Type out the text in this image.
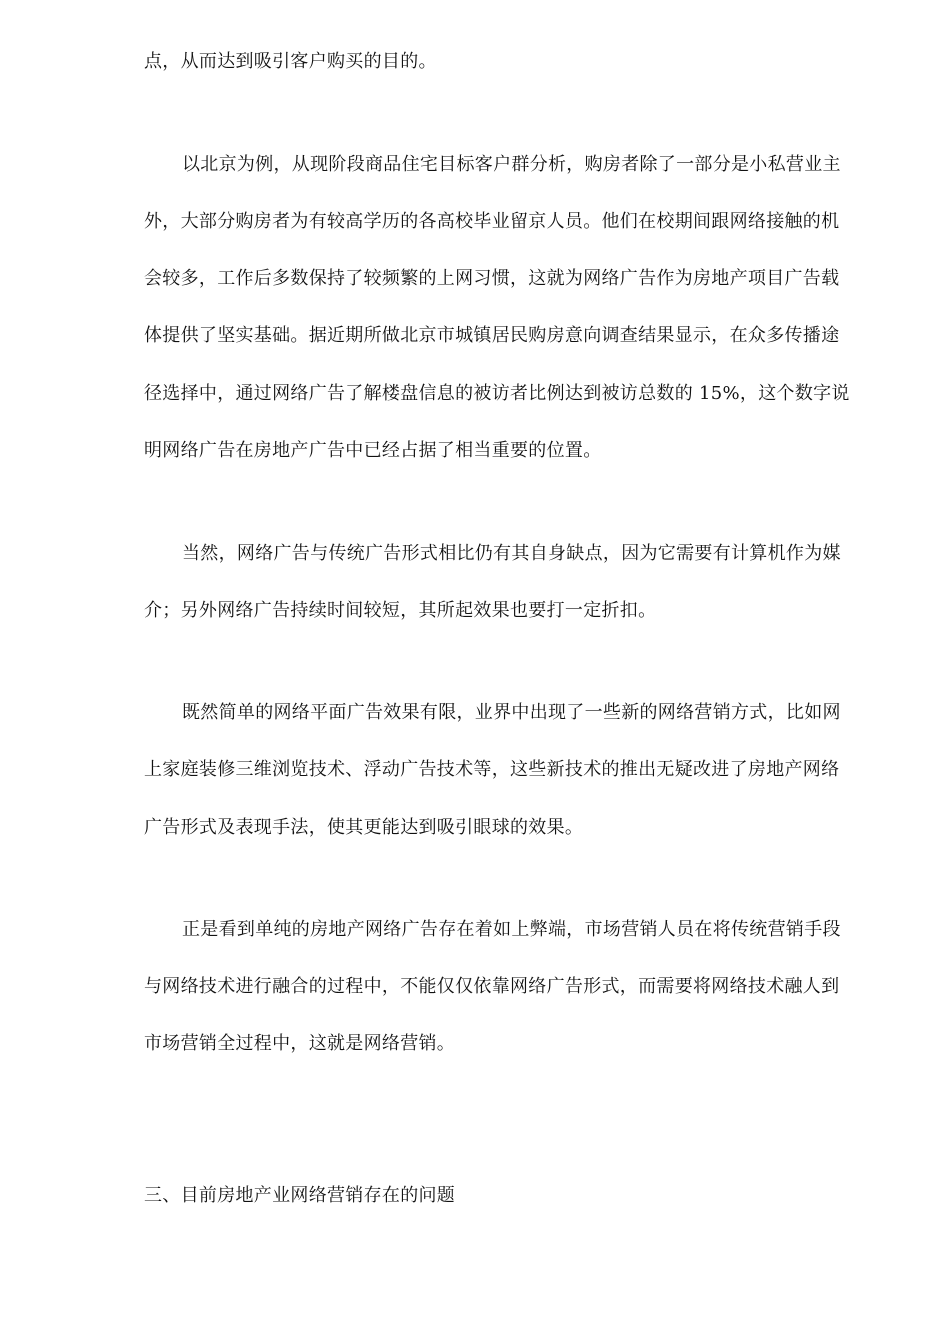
点，从而达到吸引客户购买的目的。

以北京为例，从现阶段商品住宅目标客户群分析，购房者除了一部分是小私营业主

外，大部分购房者为有较高学历的各高校毕业留京人员。他们在校期间跟网络接触的机

会较多，工作后多数保持了较频繁的上网习惯，这就为网络广告作为房地产项目广告载

体提供了坚实基础。据近期所做北京市城镇居民购房意向调查结果显示，在众多传播途

径选择中，通过网络广告了解楼盘信息的被访者比例达到被访总数的 15%，这个数字说

明网络广告在房地产广告中已经占据了相当重要的位置。

当然，网络广告与传统广告形式相比仍有其自身缺点，因为它需要有计算机作为媒

介；另外网络广告持续时间较短，其所起效果也要打一定折扣。

既然简单的网络平面广告效果有限，业界中出现了一些新的网络营销方式，比如网

上家庭装修三维浏览技术、浮动广告技术等，这些新技术的推出无疑改进了房地产网络

广告形式及表现手法，使其更能达到吸引眼球的效果。

正是看到单纯的房地产网络广告存在着如上弊端，市场营销人员在将传统营销手段

与网络技术进行融合的过程中，不能仅仅依靠网络广告形式，而需要将网络技术融人到

市场营销全过程中，这就是网络营销。

三、目前房地产业网络营销存在的问题
